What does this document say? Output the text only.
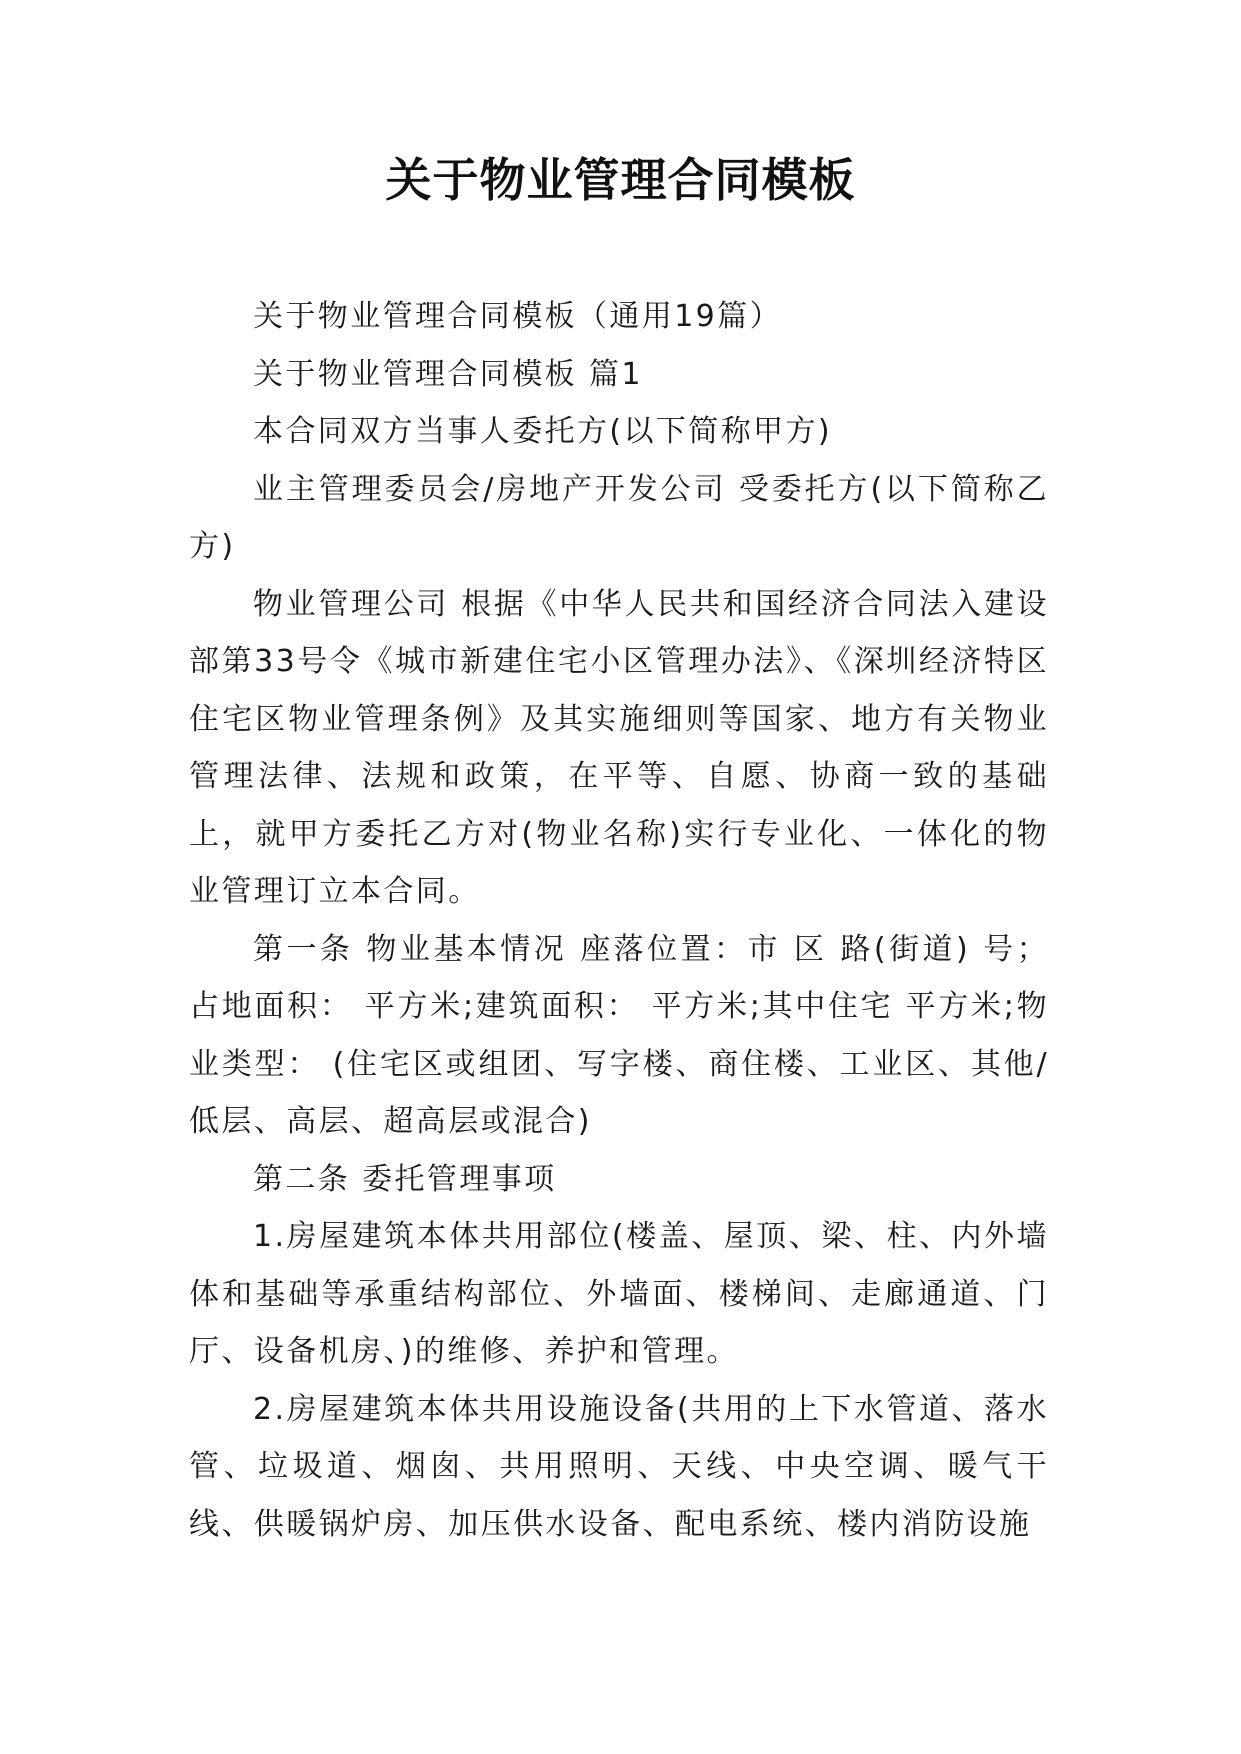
关于物业管理合同模板

关于物业管理合同模板（通用19篇）

关于物业管理合同模板 篇1

本合同双方当事人委托方(以下简称甲方)

业主管理委员会/房地产开发公司 受委托方(以下简称乙方)

物业管理公司 根据《中华人民共和国经济合同法入建设部第33号令《城市新建住宅小区管理办法》、《深圳经济特区住宅区物业管理条例》及其实施细则等国家、地方有关物业管理法律、法规和政策，在平等、自愿、协商一致的基础上，就甲方委托乙方对(物业名称)实行专业化、一体化的物业管理订立本合同。

第一条 物业基本情况 座落位置：市 区 路(街道) 号；占地面积： 平方米;建筑面积： 平方米;其中住宅 平方米;物业类型： (住宅区或组团、写字楼、商住楼、工业区、其他/低层、高层、超高层或混合)

第二条 委托管理事项

1.房屋建筑本体共用部位(楼盖、屋顶、梁、柱、内外墙体和基础等承重结构部位、外墙面、楼梯间、走廊通道、门厅、设备机房、)的维修、养护和管理。

2.房屋建筑本体共用设施设备(共用的上下水管道、落水管、垃圾道、烟囱、共用照明、天线、中央空调、暖气干线、供暖锅炉房、加压供水设备、配电系统、楼内消防设施
